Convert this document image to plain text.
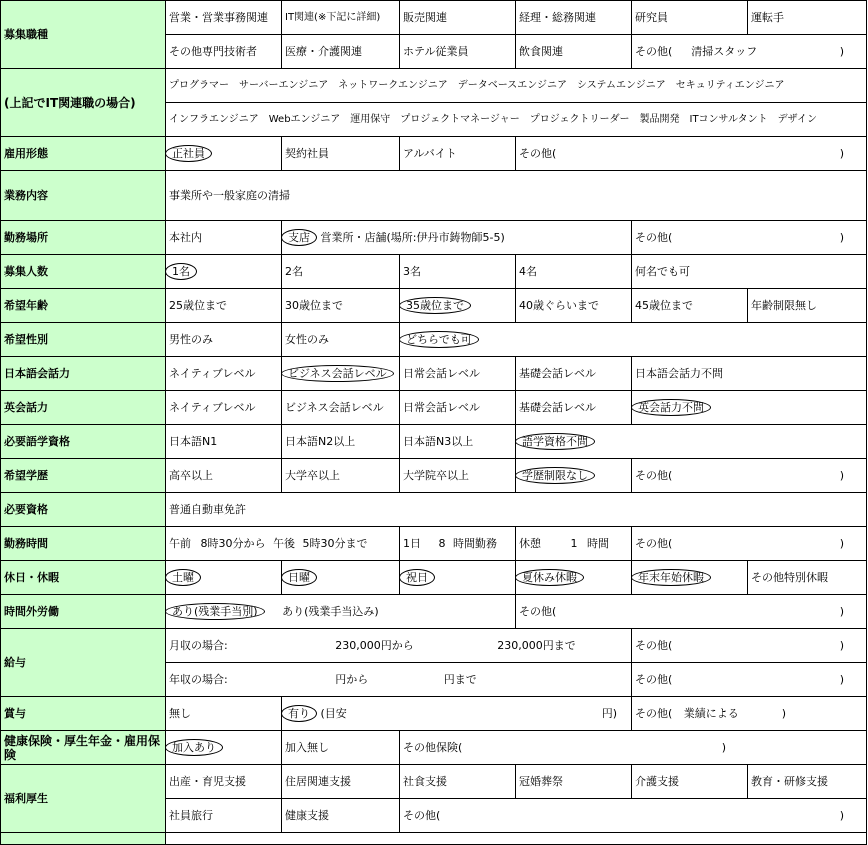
募集職種	営業・営業事務関連	IT関連(※下記に詳細)	販売関連	経理・総務関連	研究員	運転手
	その他専門技術者	医療・介護関連	ホテル従業員	飲食関連	その他( 清掃スタッフ )	

(上記でIT関連職の場合)	プログラマー　サーバーエンジニア　ネットワークエンジニア　データベースエンジニア　システムエンジニア　セキュリティエンジニア					
	インフラエンジニア　Webエンジニア　運用保守　プロジェクトマネージャー　プロジェクトリーダー　製品開発　ITコンサルタント　デザイン					
雇用形態	正社員	契約社員	アルバイト	その他( )		

業務内容	事業所や一般家庭の清掃					
勤務場所	本社内	支店 営業所・店舗(場所:伊丹市鋳物師5-5)			その他( )	

募集人数	1名	2名	3名	4名	何名でも可	
希望年齢	25歳位まで	30歳位まで	35歳位まで	40歳ぐらいまで	45歳位まで	年齢制限無し
希望性別	男性のみ	女性のみ	どちらでも可			
日本語会話力	ネイティブレベル	ビジネス会話レベル	日常会話レベル	基礎会話レベル	日本語会話力不問	
英会話力	ネイティブレベル	ビジネス会話レベル	日常会話レベル	基礎会話レベル	英会話力不問	
必要語学資格	日本語N1	日本語N2以上	日本語N3以上	語学資格不問		
希望学歴	高卒以上	大学卒以上	大学院卒以上	学歴制限なし	その他( )	

必要資格	普通自動車免許					
勤務時間	午前 8時30分から 午後 5時30分まで		1日 8 時間勤務	休憩 1 時間	その他( )	

休日・休暇	土曜	日曜	祝日	夏休み休暇	年末年始休暇	その他特別休暇
時間外労働	あり(残業手当別) あり(残業手当込み)			その他( )		

給与	月収の場合: 230,000円から 230,000円まで				その他( )	

	年収の場合: 円から 円まで				その他( )	

賞与	無し	有り (目安 円)			その他( 業績による )	

健康保険・厚生年金・雇用保険	加入あり	加入無し	その他保険( )			

福利厚生	出産・育児支援	住居関連支援	社食支援	冠婚葬祭	介護支援	教育・研修支援
	社員旅行	健康支援	その他( )			
